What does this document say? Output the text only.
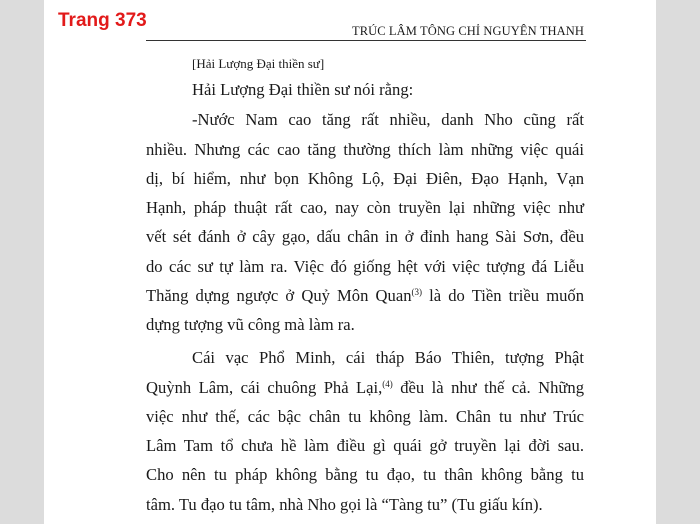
Trang 373	TRÚC LÂM TÔNG CHỈ NGUYÊN THANH
[Hải Lượng Đại thiền sư]
Hải Lượng Đại thiền sư nói rằng:
-Nước Nam cao tăng rất nhiều, danh Nho cũng rất
nhiều. Nhưng các cao tăng thường thích làm những việc quái
dị, bí hiểm, như bọn Không Lộ, Đại Điên, Đạo Hạnh, Vạn
Hạnh, pháp thuật rất cao, nay còn truyền lại những việc như
vết sét đánh ở cây gạo, dấu chân in ở đỉnh hang Sài Sơn, đều
do các sư tự làm ra. Việc đó giống hệt với việc tượng đá Liễu
Thăng dựng ngược ở Quỷ Môn Quan$^{(3)}$ là do Tiền triều muốn
dựng tượng vũ công mà làm ra.
Cái vạc Phổ Minh, cái tháp Báo Thiên, tượng Phật
Quỳnh Lâm, cái chuông Phả Lại,$^{(4)}$ đều là như thế cả. Những
việc như thế, các bậc chân tu không làm. Chân tu như Trúc
Lâm Tam tổ chưa hề làm điều gì quái gở truyền lại đời sau.
Cho nên tu pháp không bằng tu đạo, tu thân không bằng tu
tâm. Tu đạo tu tâm, nhà Nho gọi là “Tàng tu” (Tu giấu kín).
